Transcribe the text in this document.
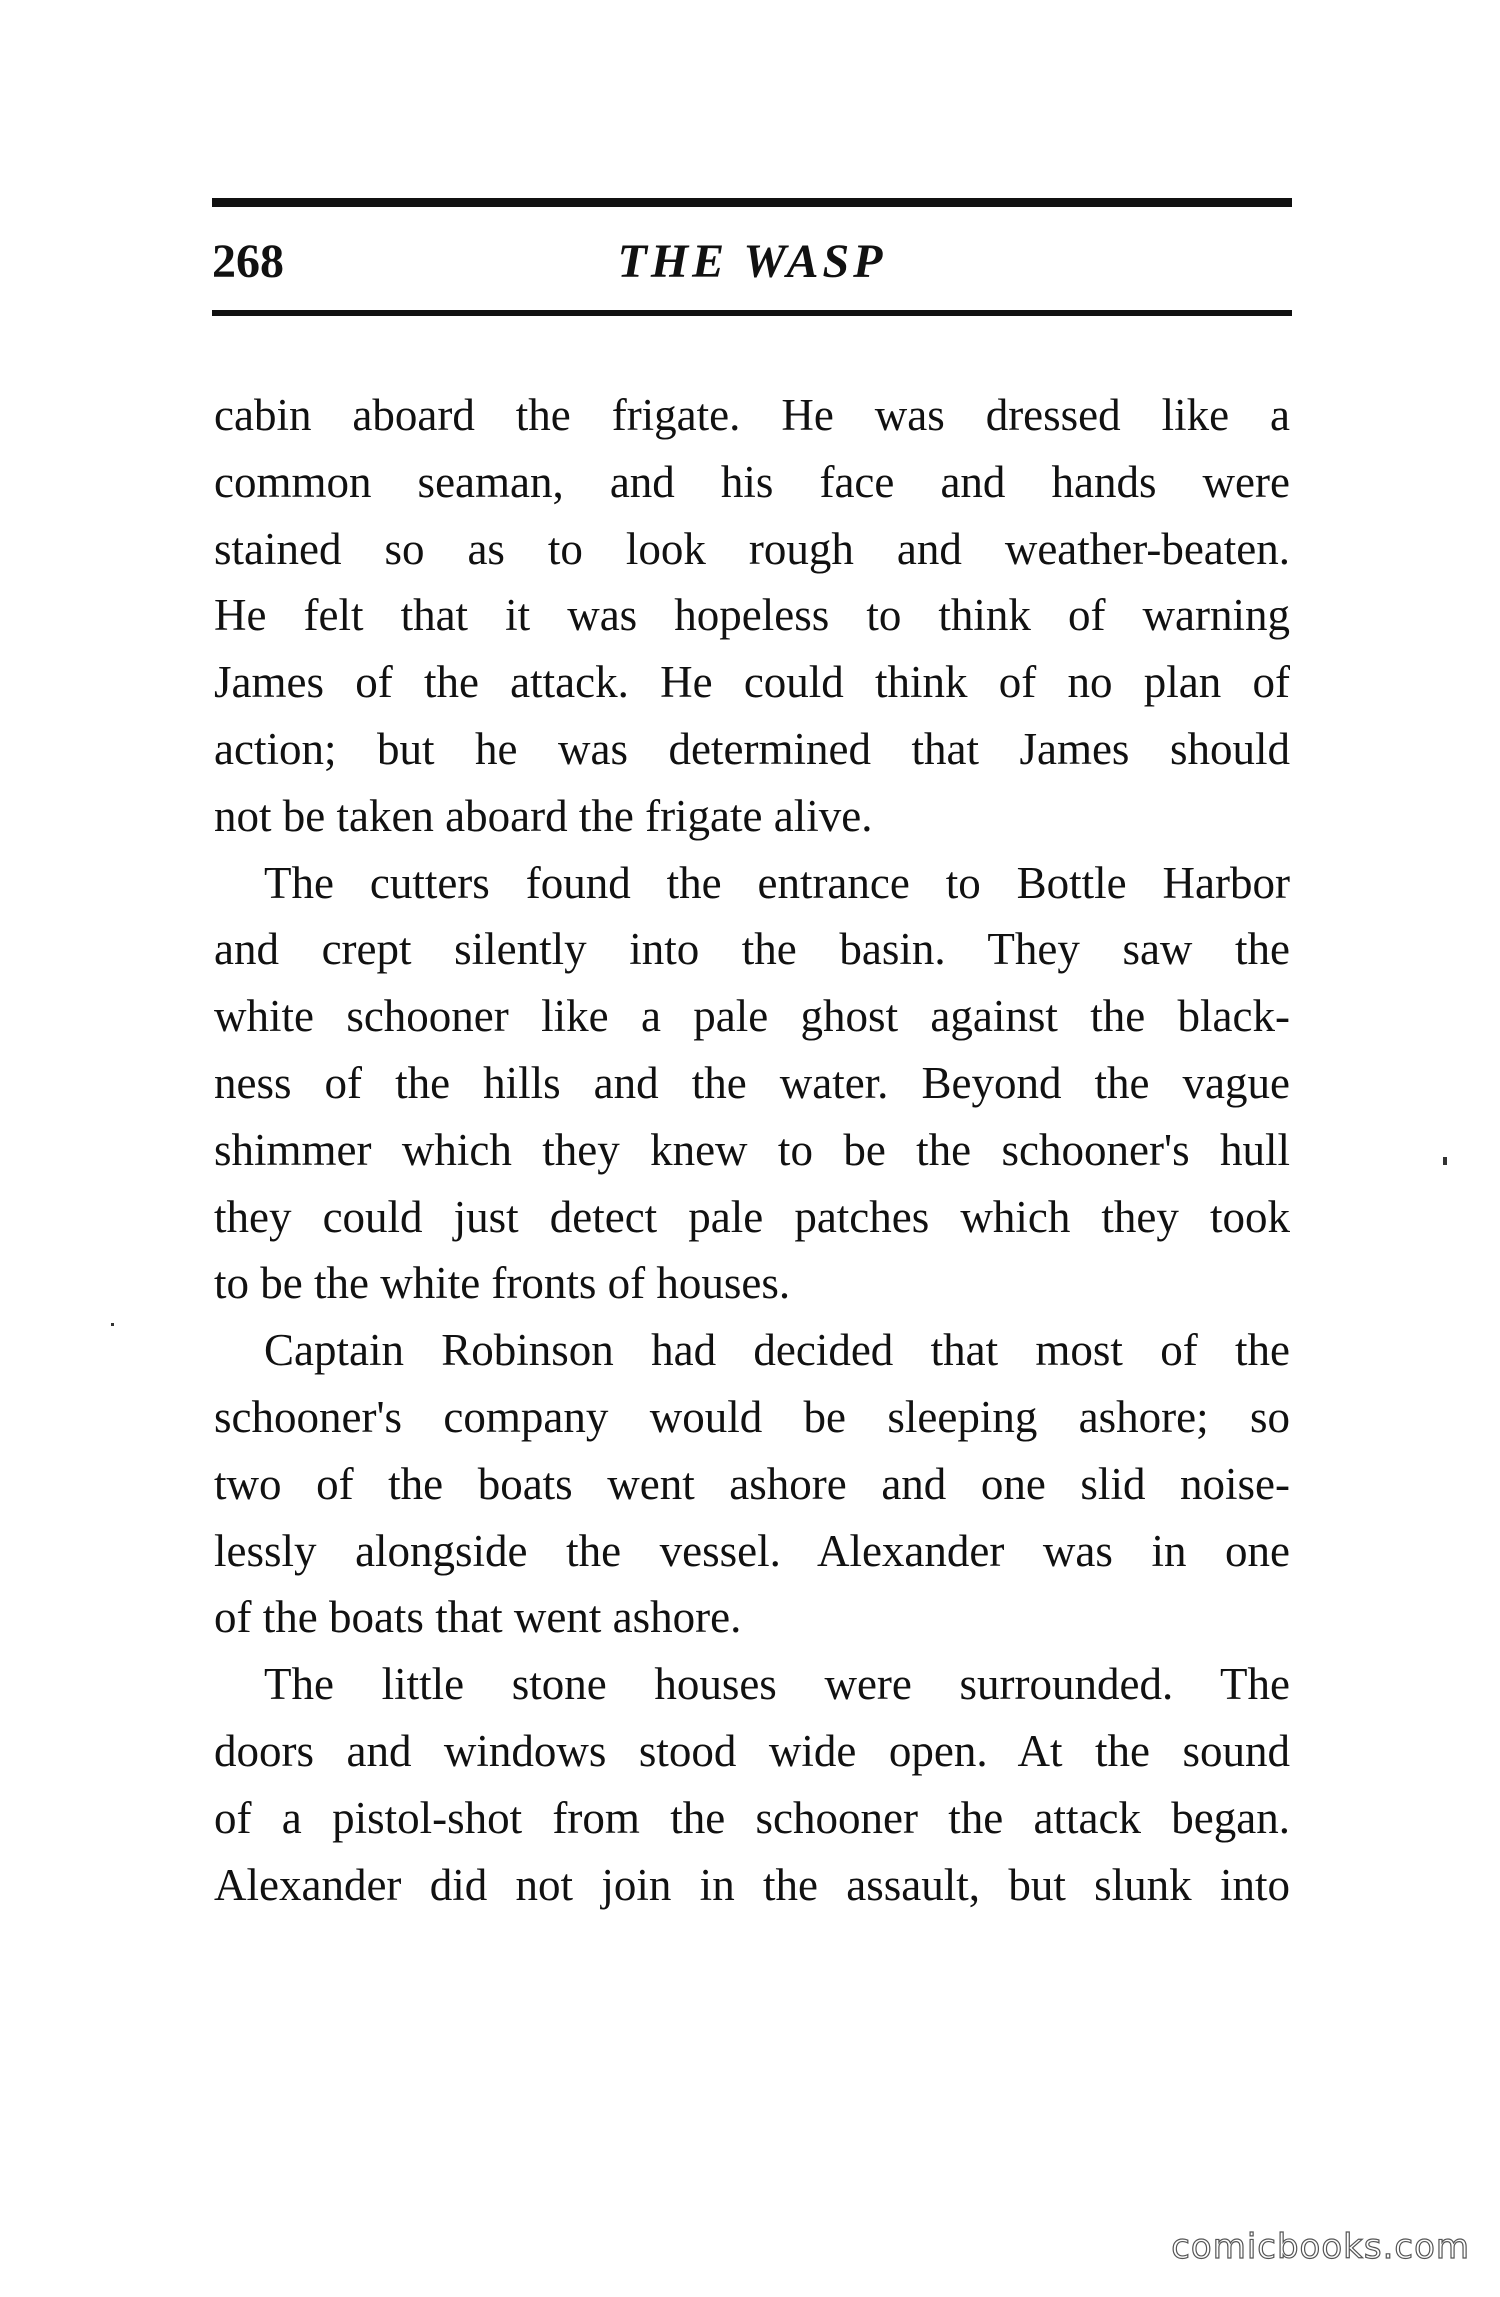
268	THE WASP

cabin aboard the frigate. He was dressed like a
common seaman, and his face and hands were
stained so as to look rough and weather-beaten.
He felt that it was hopeless to think of warning
James of the attack. He could think of no plan of
action; but he was determined that James should
not be taken aboard the frigate alive.

The cutters found the entrance to Bottle Harbor
and crept silently into the basin. They saw the
white schooner like a pale ghost against the black-
ness of the hills and the water. Beyond the vague
shimmer which they knew to be the schooner's hull
they could just detect pale patches which they took
to be the white fronts of houses.

Captain Robinson had decided that most of the
schooner's company would be sleeping ashore; so
two of the boats went ashore and one slid noise-
lessly alongside the vessel. Alexander was in one
of the boats that went ashore.

The little stone houses were surrounded. The
doors and windows stood wide open. At the sound
of a pistol-shot from the schooner the attack began.
Alexander did not join in the assault, but slunk into

comicbooks.com
